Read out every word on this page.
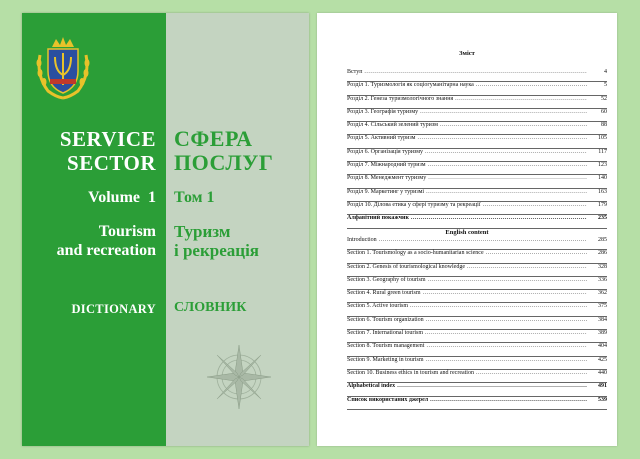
SERVICE
SECTOR
СФЕРА
ПОСЛУГ
Volume  1 Том 1
Tourism
and recreation
Туризм
і рекреація
DICTIONARY СЛОВНИК
Зміст
Вступ .....	4
Розділ 1. Туризмологія як соціогуманітарна наука .....	5
Розділ 2. Генеза туризмологічного знання .....	52
Розділ 3. Географія туризму .....	60
Розділ 4. Сільський зелений туризм .....	88
Розділ 5. Активний туризм .....	105
Розділ 6. Організація туризму .....	117
Розділ 7. Міжнародний туризм .....	123
Розділ 8. Менеджмент туризму .....	140
Розділ 9. Маркетинг у туризмі .....	163
Розділ 10. Ділова етика у сфері туризму та рекреації .....	179
Алфавітний покажчик .....	235
English content
Introduction .....	285
Section 1. Tourismology as a socio-humanitarian science .....	286
Section 2. Genesis of tourismological knowledge .....	328
Section 3. Geography of tourism .....	336
Section 4. Rural green tourism .....	362
Section 5. Active tourism .....	375
Section 6. Tourism organization .....	384
Section 7. International tourism .....	389
Section 8. Tourism management .....	404
Section 9. Marketing in tourism .....	425
Section 10. Business ethics in tourism and recreation .....	440
Alphabetical index .....	491
Список використаних джерел .....	539
